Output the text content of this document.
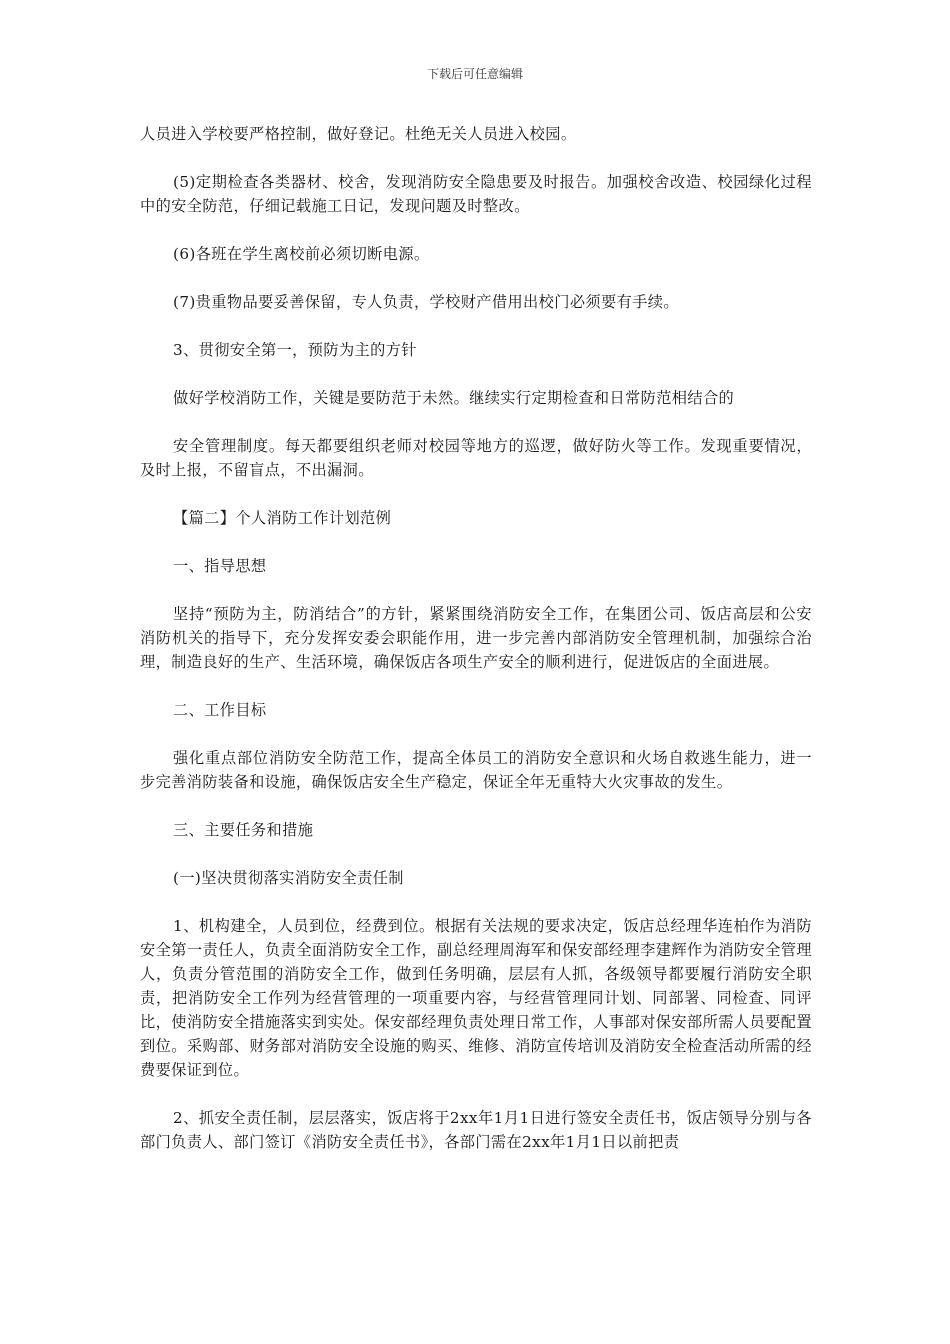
下载后可任意编辑

人员进入学校要严格控制，做好登记。杜绝无关人员进入校园。

(5)定期检查各类器材、校舍，发现消防安全隐患要及时报告。加强校舍改造、校园绿化过程中的安全防范，仔细记载施工日记，发现问题及时整改。

(6)各班在学生离校前必须切断电源。

(7)贵重物品要妥善保留，专人负责，学校财产借用出校门必须要有手续。

3、贯彻安全第一，预防为主的方针

做好学校消防工作，关键是要防范于未然。继续实行定期检查和日常防范相结合的

安全管理制度。每天都要组织老师对校园等地方的巡逻，做好防火等工作。发现重要情况，及时上报，不留盲点，不出漏洞。

【篇二】个人消防工作计划范例

一、指导思想

坚持“预防为主，防消结合”的方针，紧紧围绕消防安全工作，在集团公司、饭店高层和公安消防机关的指导下，充分发挥安委会职能作用，进一步完善内部消防安全管理机制，加强综合治理，制造良好的生产、生活环境，确保饭店各项生产安全的顺利进行，促进饭店的全面进展。

二、工作目标

强化重点部位消防安全防范工作，提高全体员工的消防安全意识和火场自救逃生能力，进一步完善消防装备和设施，确保饭店安全生产稳定，保证全年无重特大火灾事故的发生。

三、主要任务和措施

(一)坚决贯彻落实消防安全责任制

1、机构建全，人员到位，经费到位。根据有关法规的要求决定，饭店总经理华连柏作为消防安全第一责任人，负责全面消防安全工作，副总经理周海军和保安部经理李建辉作为消防安全管理人，负责分管范围的消防安全工作，做到任务明确，层层有人抓，各级领导都要履行消防安全职责，把消防安全工作列为经营管理的一项重要内容，与经营管理同计划、同部署、同检查、同评比，使消防安全措施落实到实处。保安部经理负责处理日常工作，人事部对保安部所需人员要配置到位。采购部、财务部对消防安全设施的购买、维修、消防宣传培训及消防安全检查活动所需的经费要保证到位。

2、抓安全责任制，层层落实，饭店将于2xx年1月1日进行签安全责任书，饭店领导分别与各部门负责人、部门签订《消防安全责任书》，各部门需在2xx年1月1日以前把责
